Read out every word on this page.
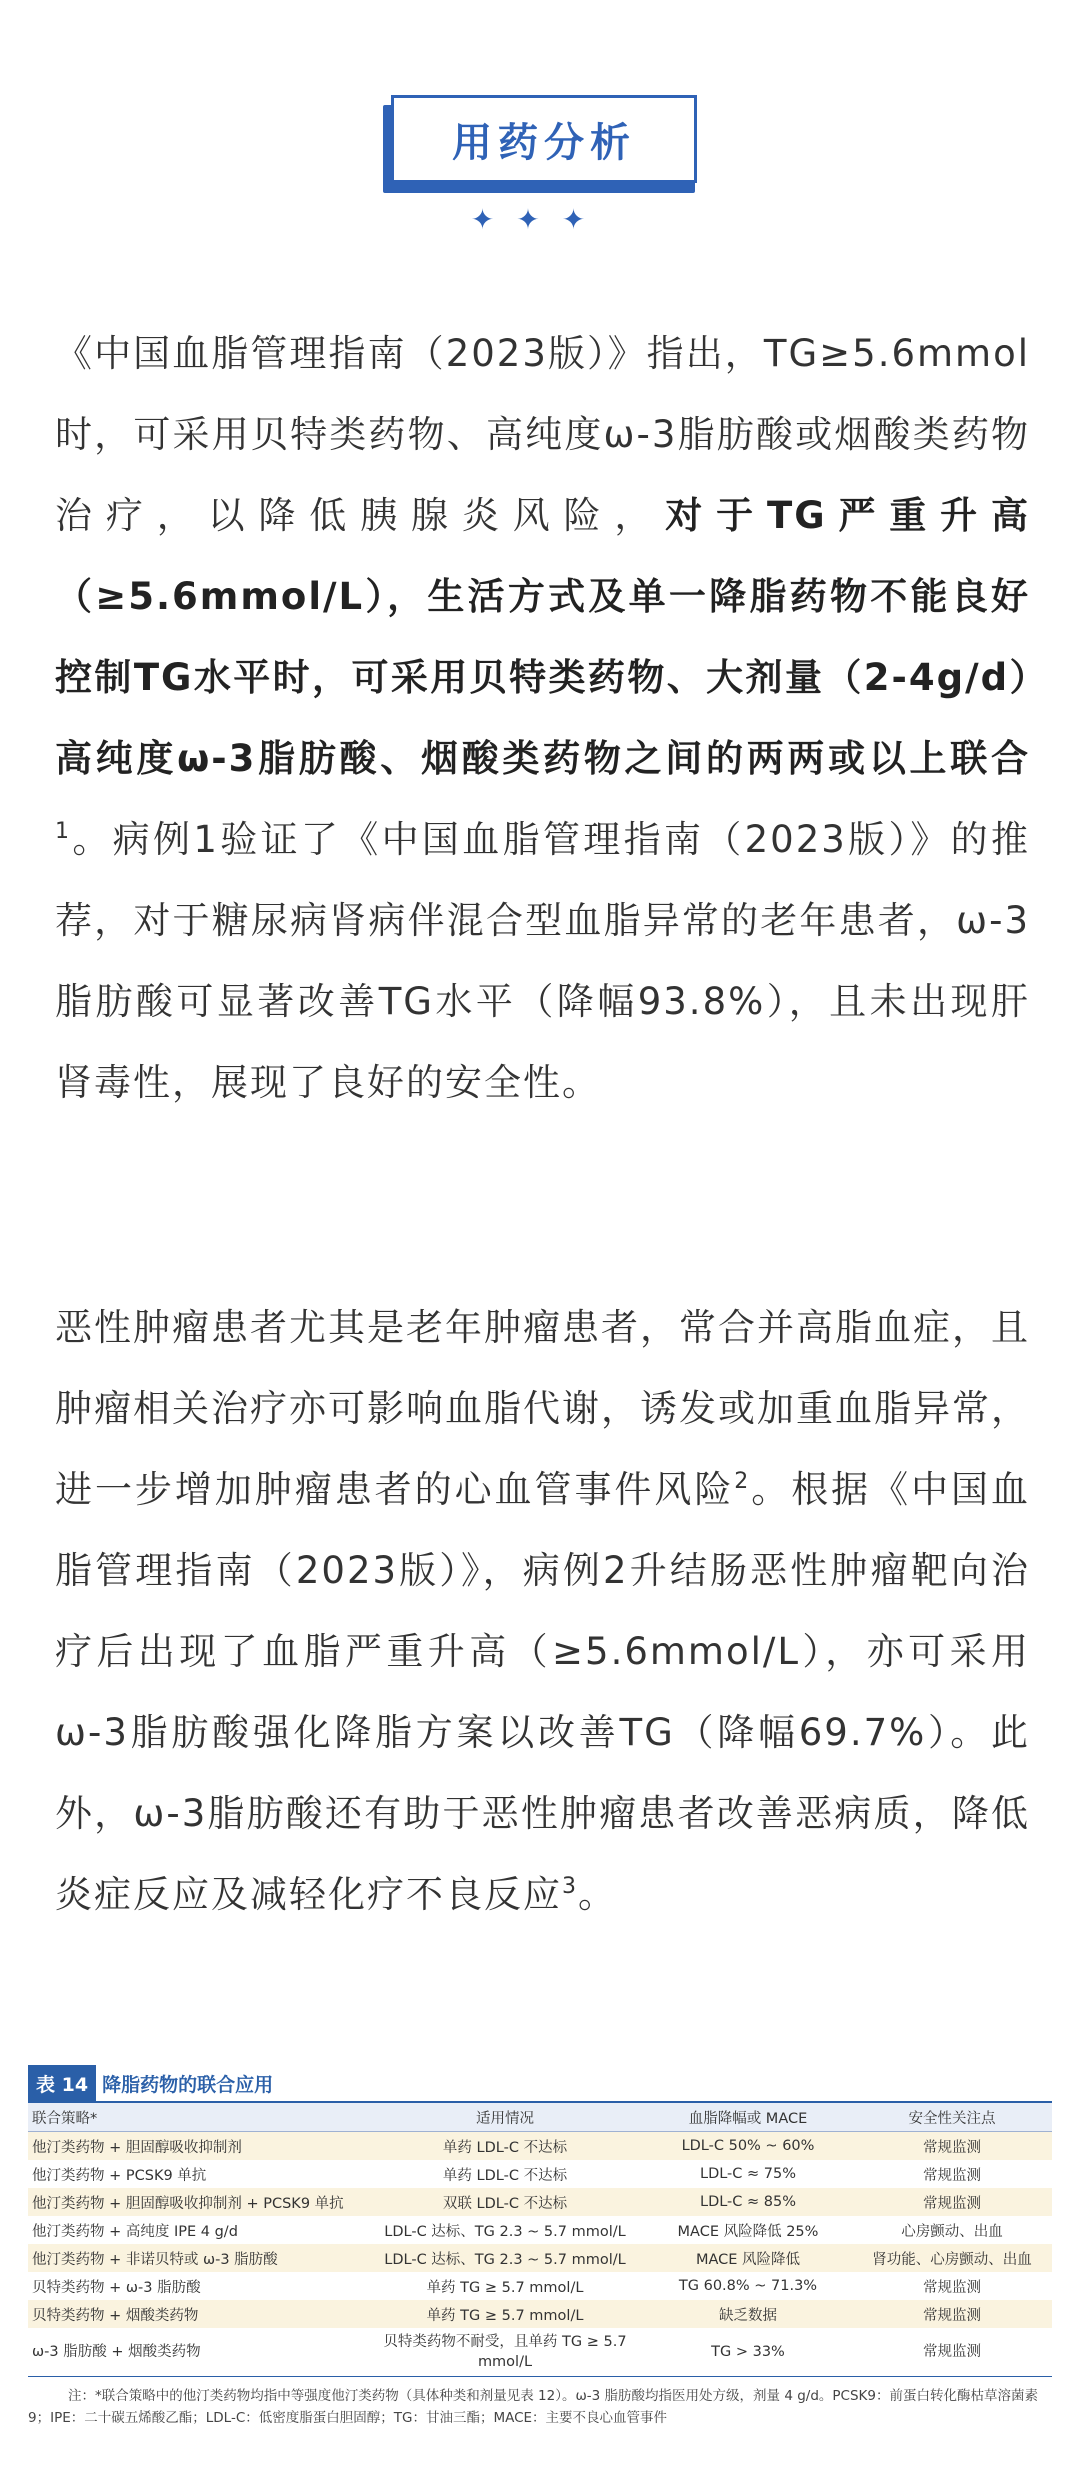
用药分析
✦✦✦
《中国血脂管理指南（2023版）》指出，TG≥5.6mmol时，可采用贝特类药物、高纯度ω-3脂肪酸或烟酸类药物治疗，以降低胰腺炎风险，对于TG严重升高（≥5.6mmol/L），生活方式及单一降脂药物不能良好控制TG水平时，可采用贝特类药物、大剂量（2-4g/d）高纯度ω-3脂肪酸、烟酸类药物之间的两两或以上联合$^1$。病例1验证了《中国血脂管理指南（2023版）》的推荐，对于糖尿病肾病伴混合型血脂异常的老年患者，ω-3脂肪酸可显著改善TG水平（降幅93.8%），且未出现肝肾毒性，展现了良好的安全性。
恶性肿瘤患者尤其是老年肿瘤患者，常合并高脂血症，且肿瘤相关治疗亦可影响血脂代谢，诱发或加重血脂异常，进一步增加肿瘤患者的心血管事件风险$^2$。根据《中国血脂管理指南（2023版）》，病例2升结肠恶性肿瘤靶向治疗后出现了血脂严重升高（≥5.6mmol/L），亦可采用ω-3脂肪酸强化降脂方案以改善TG（降幅69.7%）。此外，ω-3脂肪酸还有助于恶性肿瘤患者改善恶病质，降低炎症反应及减轻化疗不良反应$^3$。
表 14 降脂药物的联合应用
联合策略*	适用情况	血脂降幅或 MACE	安全性关注点
他汀类药物 + 胆固醇吸收抑制剂	单药 LDL-C 不达标	LDL-C 50% ~ 60%	常规监测
他汀类药物 + PCSK9 单抗	单药 LDL-C 不达标	LDL-C ≈ 75%	常规监测
他汀类药物 + 胆固醇吸收抑制剂 + PCSK9 单抗	双联 LDL-C 不达标	LDL-C ≈ 85%	常规监测
他汀类药物 + 高纯度 IPE 4 g/d	LDL-C 达标、TG 2.3 ~ 5.7 mmol/L	MACE 风险降低 25%	心房颤动、出血
他汀类药物 + 非诺贝特或 ω-3 脂肪酸	LDL-C 达标、TG 2.3 ~ 5.7 mmol/L	MACE 风险降低	肾功能、心房颤动、出血
贝特类药物 + ω-3 脂肪酸	单药 TG ≥ 5.7 mmol/L	TG 60.8% ~ 71.3%	常规监测
贝特类药物 + 烟酸类药物	单药 TG ≥ 5.7 mmol/L	缺乏数据	常规监测
ω-3 脂肪酸 + 烟酸类药物	贝特类药物不耐受，且单药 TG ≥ 5.7 mmol/L	TG > 33%	常规监测
注：*联合策略中的他汀类药物均指中等强度他汀类药物（具体种类和剂量见表 12）。ω-3 脂肪酸均指医用处方级，剂量 4 g/d。PCSK9：前蛋白转化酶枯草溶菌素 9；IPE：二十碳五烯酸乙酯；LDL-C：低密度脂蛋白胆固醇；TG：甘油三酯；MACE：主要不良心血管事件
